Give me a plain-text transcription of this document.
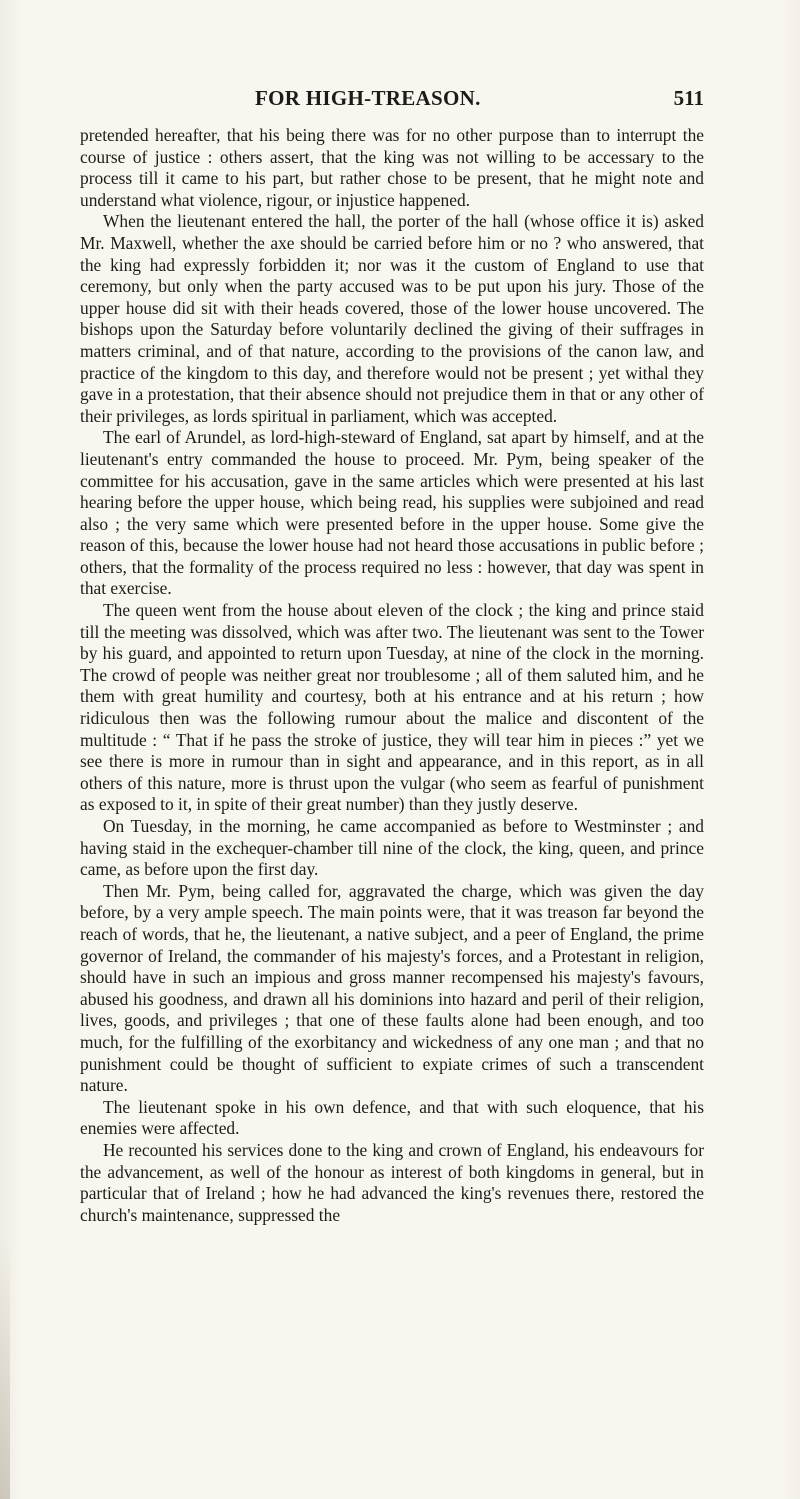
FOR HIGH-TREASON.	511

pretended hereafter, that his being there was for no other purpose than to interrupt the course of justice : others assert, that the king was not willing to be accessary to the process till it came to his part, but rather chose to be present, that he might note and understand what violence, rigour, or injustice happened.

When the lieutenant entered the hall, the porter of the hall (whose office it is) asked Mr. Maxwell, whether the axe should be carried before him or no ? who answered, that the king had expressly forbidden it; nor was it the custom of England to use that ceremony, but only when the party accused was to be put upon his jury. Those of the upper house did sit with their heads covered, those of the lower house uncovered. The bishops upon the Saturday before voluntarily declined the giving of their suffrages in matters criminal, and of that nature, according to the provisions of the canon law, and practice of the kingdom to this day, and therefore would not be present ; yet withal they gave in a protestation, that their absence should not prejudice them in that or any other of their privileges, as lords spiritual in parliament, which was accepted.

The earl of Arundel, as lord-high-steward of England, sat apart by himself, and at the lieutenant's entry commanded the house to proceed. Mr. Pym, being speaker of the committee for his accusation, gave in the same articles which were presented at his last hearing before the upper house, which being read, his supplies were subjoined and read also ; the very same which were presented before in the upper house. Some give the reason of this, because the lower house had not heard those accusations in public before ; others, that the formality of the process required no less : however, that day was spent in that exercise.

The queen went from the house about eleven of the clock ; the king and prince staid till the meeting was dissolved, which was after two. The lieutenant was sent to the Tower by his guard, and appointed to return upon Tuesday, at nine of the clock in the morning. The crowd of people was neither great nor troublesome ; all of them saluted him, and he them with great humility and courtesy, both at his entrance and at his return ; how ridiculous then was the following rumour about the malice and discontent of the multitude : “ That if he pass the stroke of justice, they will tear him in pieces :” yet we see there is more in rumour than in sight and appearance, and in this report, as in all others of this nature, more is thrust upon the vulgar (who seem as fearful of punishment as exposed to it, in spite of their great number) than they justly deserve.

On Tuesday, in the morning, he came accompanied as before to Westminster ; and having staid in the exchequer-chamber till nine of the clock, the king, queen, and prince came, as before upon the first day.

Then Mr. Pym, being called for, aggravated the charge, which was given the day before, by a very ample speech. The main points were, that it was treason far beyond the reach of words, that he, the lieutenant, a native subject, and a peer of England, the prime governor of Ireland, the commander of his majesty's forces, and a Protestant in religion, should have in such an impious and gross manner recompensed his majesty's favours, abused his goodness, and drawn all his dominions into hazard and peril of their religion, lives, goods, and privileges ; that one of these faults alone had been enough, and too much, for the fulfilling of the exorbitancy and wickedness of any one man ; and that no punishment could be thought of sufficient to expiate crimes of such a transcendent nature.

The lieutenant spoke in his own defence, and that with such eloquence, that his enemies were affected.

He recounted his services done to the king and crown of England, his endeavours for the advancement, as well of the honour as interest of both kingdoms in general, but in particular that of Ireland ; how he had advanced the king's revenues there, restored the church's maintenance, suppressed the
